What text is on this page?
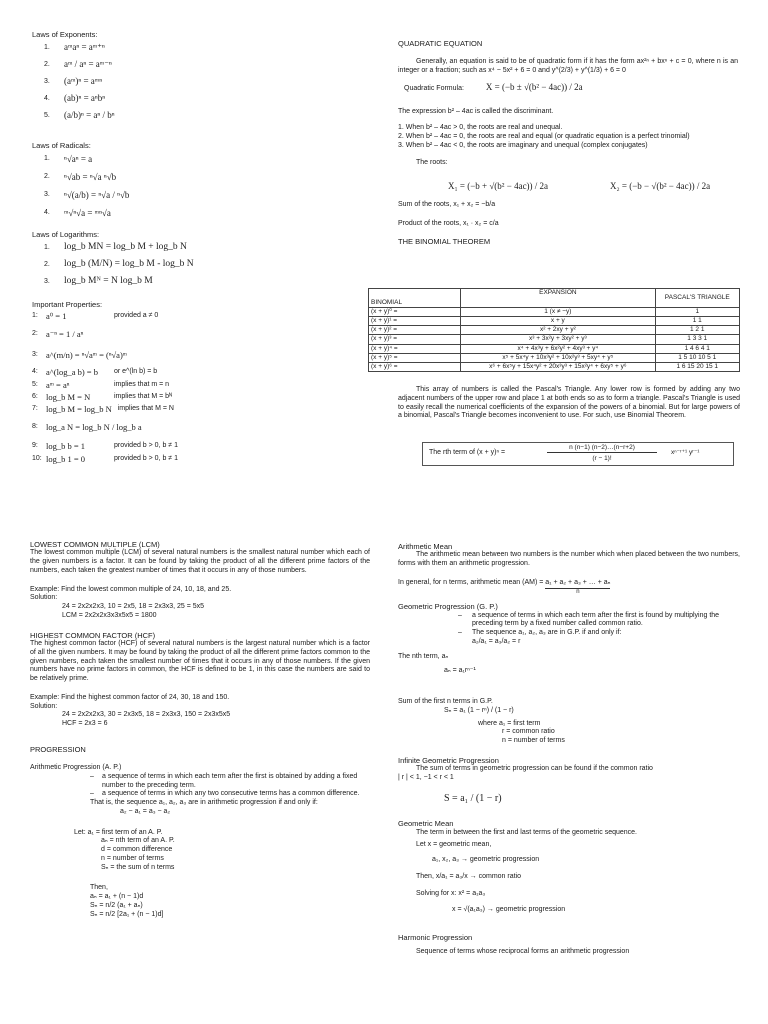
Laws of Exponents:
1.	aᵐaⁿ = aᵐ⁺ⁿ
2.	aᵐ / aⁿ = aᵐ⁻ⁿ
3.	(aᵐ)ⁿ = aᵐⁿ
4.	(ab)ⁿ = aⁿbⁿ
5.	(a/b)ⁿ = aⁿ / bⁿ
Laws of Radicals:
1.	ⁿ√aⁿ = a
2.	ⁿ√ab = ⁿ√a ⁿ√b
3.	ⁿ√(a/b) = ⁿ√a / ⁿ√b
4.	ᵐ√ⁿ√a = ᵐⁿ√a
Laws of Logarithms:
1.	log_b MN = log_b M + log_b N
2.	log_b (M/N) = log_b M - log_b N
3.	log_b Mᴺ = N log_b M
Important Properties:
1: a⁰ = 1	provided a ≠ 0
2: a⁻ⁿ = 1 / aⁿ
3: a^(m/n) = ⁿ√aᵐ = (ⁿ√a)ᵐ
4: a^(log_a b) = b	or e^(ln b) = b
5: aᵐ = aⁿ	implies that m = n
6: log_b M = N	implies that M = bᴺ
7: log_b M = log_b N implies that M = N
8: log_a N = log_b N / log_b a
9: log_b b = 1	provided b > 0, b ≠ 1
10: log_b 1 = 0	provided b > 0, b ≠ 1
QUADRATIC EQUATION
Generally, an equation is said to be of quadratic form if it has the form ax²ⁿ + bxⁿ + c = 0, where n is an integer or a fraction; such as x⁴ − 5x² + 6 = 0 and y^(2/3) + y^(1/3) + 6 = 0
Quadratic Formula: X = (−b ± √(b² − 4ac)) / 2a
The expression b² – 4ac is called the discriminant.
1. When b² – 4ac > 0, the roots are real and unequal.
2. When b² – 4ac = 0, the roots are real and equal (or quadratic equation is a perfect trinomial)
3. When b² – 4ac < 0, the roots are imaginary and unequal (complex conjugates)
The roots:
X₁ = (−b + √(b² − 4ac)) / 2a	X₂ = (−b − √(b² − 4ac)) / 2a
Sum of the roots, x₁ + x₂ = −b/a
Product of the roots, x₁ · x₂ = c/a
THE BINOMIAL THEOREM
BINOMIAL	EXPANSION	PASCAL'S TRIANGLE
(x + y)⁰ =	1 (x ≠ −y)	1
(x + y)¹ =	x + y	1 1
(x + y)² =	x² + 2xy + y²	1 2 1
(x + y)³ =	x³ + 3x²y + 3xy² + y³	1 3 3 1
(x + y)⁴ =	x⁴ + 4x³y + 6x²y² + 4xy³ + y⁴	1 4 6 4 1
(x + y)⁵ =	x⁵ + 5x⁴y + 10x³y² + 10x²y³ + 5xy⁴ + y⁵	1 5 10 10 5 1
(x + y)⁶ =	x⁶ + 6x⁵y + 15x⁴y² + 20x³y³ + 15x²y⁴ + 6xy⁵ + y⁶	1 6 15 20 15 1
This array of numbers is called the Pascal's Triangle. Any lower row is formed by adding any two adjacent numbers of the upper row and place 1 at both ends so as to form a triangle. Pascal's Triangle is used to easily recall the numerical coefficients of the expansion of the powers of a binomial. But for large powers of a binomial, Pascal's Triangle becomes inconvenient to use. For such, use Binomial Theorem.
The rth term of (x + y)ⁿ =
n (n−1) (n−2)…(n−r+2)
(r − 1)!
xⁿ⁻ʳ⁺¹ yʳ⁻¹
LOWEST COMMON MULTIPLE (LCM)
The lowest common multiple (LCM) of several natural numbers is the smallest natural number which each of the given numbers is a factor. It can be found by taking the product of all the different prime factors of the numbers, each taken the greatest number of times that it occurs in any of those numbers.
Example: Find the lowest common multiple of 24, 10, 18, and 25.
Solution:
24 = 2x2x2x3, 10 = 2x5, 18 = 2x3x3, 25 = 5x5
LCM = 2x2x2x3x3x5x5 = 1800
HIGHEST COMMON FACTOR (HCF)
The highest common factor (HCF) of several natural numbers is the largest natural number which is a factor of all the given numbers. It may be found by taking the product of all the different prime factors common to the given numbers, each taken the smallest number of times that it occurs in any of those numbers. If the given numbers have no prime factors in common, the HCF is defined to be 1, in this case the numbers are said to be relatively prime.
Example: Find the highest common factor of 24, 30, 18 and 150.
Solution:
24 = 2x2x2x3, 30 = 2x3x5, 18 = 2x3x3, 150 = 2x3x5x5
HCF = 2x3 = 6
PROGRESSION
Arithmetic Progression (A. P.)
–	a sequence of terms in which each term after the first is obtained by adding a fixed number to the preceding term.
–	a sequence of terms in which any two consecutive terms has a common difference.
That is, the sequence a₁, a₂, a₃ are in arithmetic progression if and only if:
a₂ − a₁ = a₃ − a₂
Let: a₁ = first term of an A. P.
aₙ = nth term of an A. P.
d = common difference
n = number of terms
Sₙ = the sum of n terms
Then,
aₙ = a₁ + (n − 1)d
Sₙ = n/2 (a₁ + aₙ)
Sₙ = n/2 [2a₁ + (n − 1)d]
Arithmetic Mean
The arithmetic mean between two numbers is the number which when placed between the two numbers, forms with them an arithmetic progression.
In general, for n terms, arithmetic mean $(AM) = \frac{\text{a₁ + a₂ + a₃ + … + aₙ}}{n}$
Geometric Progression (G. P.)
–	a sequence of terms in which each term after the first is found by multiplying the preceding term by a fixed number called common ratio.
–	The sequence a₁, a₂, a₃ are in G.P. if and only if:
a₂/a₁ = a₃/a₂ = r
The nth term, aₙ
aₙ = a₁rⁿ⁻¹
Sum of the first n terms in G.P.
Sₙ = a₁ (1 − rⁿ) / (1 − r)
where a₁ = first term
r = common ratio
n = number of terms
Infinite Geometric Progression
The sum of terms in geometric progression can be found if the common ratio
| r | < 1, −1 < r < 1
S = a₁ / (1 − r)
Geometric Mean
The term in between the first and last terms of the geometric sequence.
Let x = geometric mean,
a₁, x₂, a₃ → geometric progression
Then, x/a₁ = a₃/x → common ratio
Solving for x: x² = a₁a₃
x = √(a₁a₃) → geometric progression
Harmonic Progression
Sequence of terms whose reciprocal forms an arithmetic progression
